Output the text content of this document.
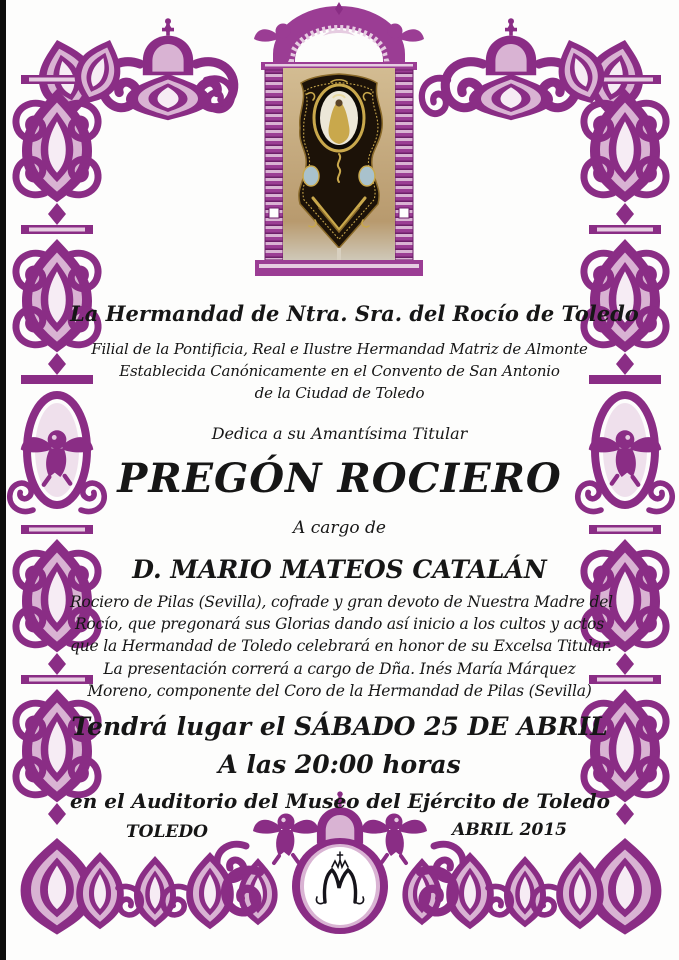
La Hermandad de Ntra. Sra. del Rocío de Toledo
Filial de la Pontificia, Real e Ilustre Hermandad Matriz de Almonte
Establecida Canónicamente en el Convento de San Antonio
de la Ciudad de Toledo
Dedica a su Amantísima Titular
PREGÓN ROCIERO
A cargo de
D. MARIO MATEOS CATALÁN
Rociero de Pilas (Sevilla), cofrade y gran devoto de Nuestra Madre del
Rocío, que pregonará sus Glorias dando así inicio a los cultos y actos
que la Hermandad de Toledo celebrará en honor de su Excelsa Titular.
La presentación correrá a cargo de Dña. Inés María Márquez
Moreno, componente del Coro de la Hermandad de Pilas (Sevilla)
Tendrá lugar el SÁBADO 25 DE ABRIL
A las 20:00 horas
en el Auditorio del Museo del Ejército de Toledo
TOLEDO	ABRIL 2015
